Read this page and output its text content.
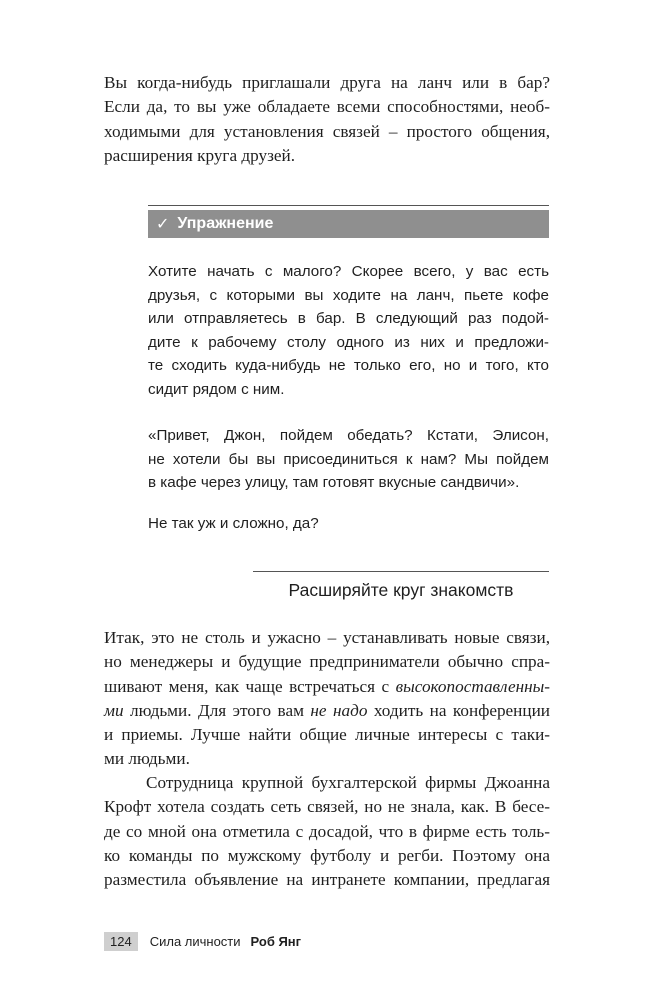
Вы когда-нибудь приглашали друга на ланч или в бар?
Если да, то вы уже обладаете всеми способностями, необ-
ходимыми для установления связей – простого общения,
расширения круга друзей.
✓ Упражнение
Хотите начать с малого? Скорее всего, у вас есть
друзья, с которыми вы ходите на ланч, пьете кофе
или отправляетесь в бар. В следующий раз подой-
дите к рабочему столу одного из них и предложи-
те сходить куда-нибудь не только его, но и того, кто
сидит рядом с ним.
«Привет, Джон, пойдем обедать? Кстати, Элисон,
не хотели бы вы присоединиться к нам? Мы пойдем
в кафе через улицу, там готовят вкусные сандвичи».
Не так уж и сложно, да?
Расширяйте круг знакомств
Итак, это не столь и ужасно – устанавливать новые связи,
но менеджеры и будущие предприниматели обычно спра-
шивают меня, как чаще встречаться с высокопоставленны-
ми людьми. Для этого вам не надо ходить на конференции
и приемы. Лучше найти общие личные интересы с таки-
ми людьми.
Сотрудница крупной бухгалтерской фирмы Джоанна
Крофт хотела создать сеть связей, но не знала, как. В бесе-
де со мной она отметила с досадой, что в фирме есть толь-
ко команды по мужскому футболу и регби. Поэтому она
разместила объявление на интранете компании, предлагая
124	Сила личности Роб Янг
